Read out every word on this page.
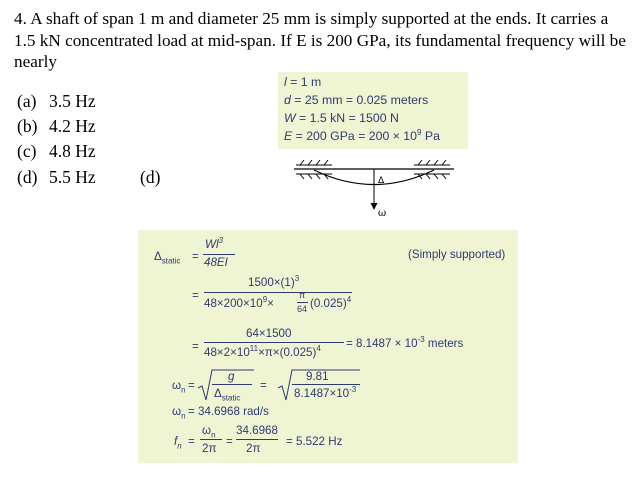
4. A shaft of span 1 m and diameter 25 mm is simply supported at the ends. It carries a 1.5 kN concentrated load at mid-span. If E is 200 GPa, its fundamental frequency will be nearly
(a) 3.5 Hz
(b) 4.2 Hz
(c) 4.8 Hz
(d) 5.5 Hz	(d)
l = 1 m
d = 25 mm = 0.025 meters
W = 1.5 kN = 1500 N
E = 200 GPa = $200 \times 10^9$ Pa
Δ
ω
$\Delta_{static}$ =
$Wl^3$
48EI
(Simply supported)
=
$1500\times(1)^3$
$48\times 200\times 10^9\times$
π
64 $(0.025)^4$
=
64×1500
$48\times 2\times 10^{11}\times\pi\times(0.025)^4 = 8.1487 \times 10^{-3}$ meters
$\omega_n$ =
g
$\Delta_{static}$
=
9.81
$8.1487\times 10^{-3}$
$\omega_n = 34.6968$ rad/s
$f_n$ =
$\omega_n$
2π
=
34.6968
2π
= 5.522 Hz
